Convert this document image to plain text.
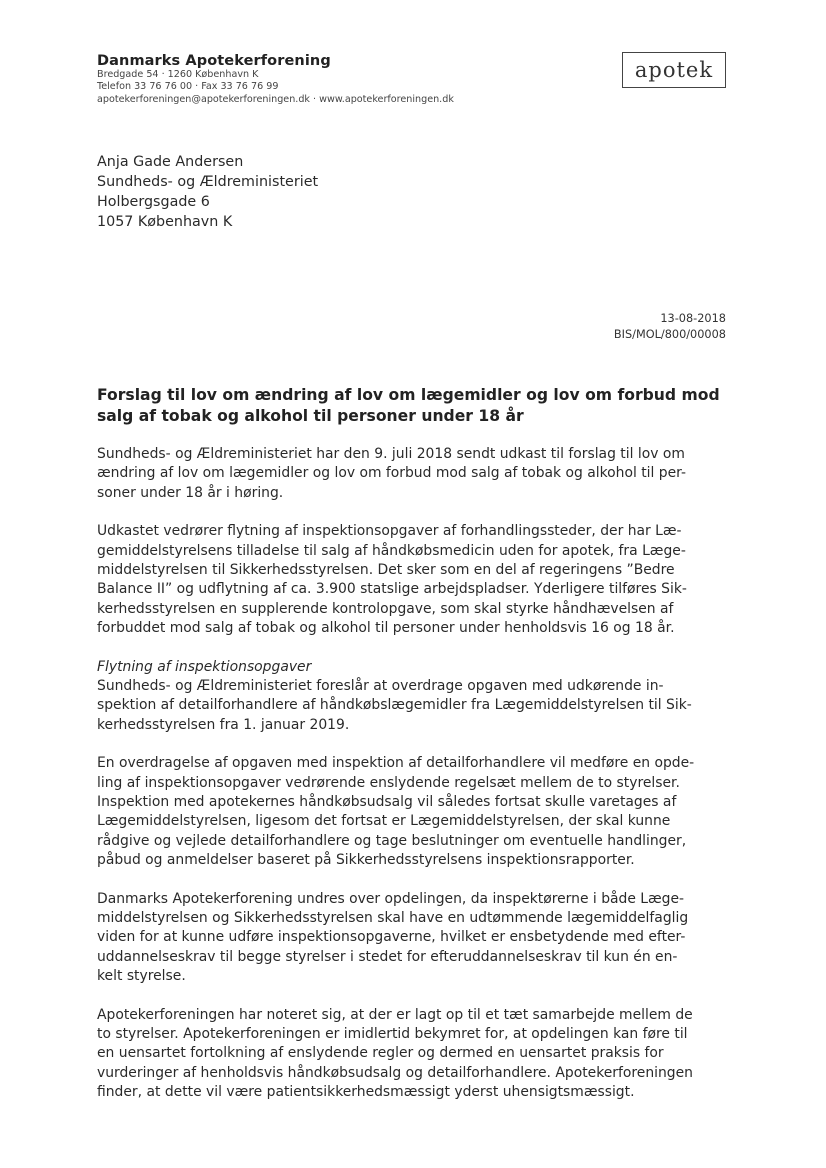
Danmarks Apotekerforening
Bredgade 54 · 1260 København K
Telefon 33 76 76 00 · Fax 33 76 76 99
apotekerforeningen@apotekerforeningen.dk · www.apotekerforeningen.dk
apotek
Anja Gade Andersen
Sundheds- og Ældreministeriet
Holbergsgade 6
1057 København K
13-08-2018
BIS/MOL/800/00008
Forslag til lov om ændring af lov om lægemidler og lov om forbud mod
salg af tobak og alkohol til personer under 18 år

Sundheds- og Ældreministeriet har den 9. juli 2018 sendt udkast til forslag til lov om
ændring af lov om lægemidler og lov om forbud mod salg af tobak og alkohol til per-
soner under 18 år i høring.

Udkastet vedrører flytning af inspektionsopgaver af forhandlingssteder, der har Læ-
gemiddelstyrelsens tilladelse til salg af håndkøbsmedicin uden for apotek, fra Læge-
middelstyrelsen til Sikkerhedsstyrelsen. Det sker som en del af regeringens ”Bedre
Balance II” og udflytning af ca. 3.900 statslige arbejdspladser. Yderligere tilføres Sik-
kerhedsstyrelsen en supplerende kontrolopgave, som skal styrke håndhævelsen af
forbuddet mod salg af tobak og alkohol til personer under henholdsvis 16 og 18 år.

Flytning af inspektionsopgaver
Sundheds- og Ældreministeriet foreslår at overdrage opgaven med udkørende in-
spektion af detailforhandlere af håndkøbslægemidler fra Lægemiddelstyrelsen til Sik-
kerhedsstyrelsen fra 1. januar 2019.

En overdragelse af opgaven med inspektion af detailforhandlere vil medføre en opde-
ling af inspektionsopgaver vedrørende enslydende regelsæt mellem de to styrelser.
Inspektion med apotekernes håndkøbsudsalg vil således fortsat skulle varetages af
Lægemiddelstyrelsen, ligesom det fortsat er Lægemiddelstyrelsen, der skal kunne
rådgive og vejlede detailforhandlere og tage beslutninger om eventuelle handlinger,
påbud og anmeldelser baseret på Sikkerhedsstyrelsens inspektionsrapporter.

Danmarks Apotekerforening undres over opdelingen, da inspektørerne i både Læge-
middelstyrelsen og Sikkerhedsstyrelsen skal have en udtømmende lægemiddelfaglig
viden for at kunne udføre inspektionsopgaverne, hvilket er ensbetydende med efter-
uddannelseskrav til begge styrelser i stedet for efteruddannelseskrav til kun én en-
kelt styrelse.

Apotekerforeningen har noteret sig, at der er lagt op til et tæt samarbejde mellem de
to styrelser. Apotekerforeningen er imidlertid bekymret for, at opdelingen kan føre til
en uensartet fortolkning af enslydende regler og dermed en uensartet praksis for
vurderinger af henholdsvis håndkøbsudsalg og detailforhandlere. Apotekerforeningen
finder, at dette vil være patientsikkerhedsmæssigt yderst uhensigtsmæssigt.
